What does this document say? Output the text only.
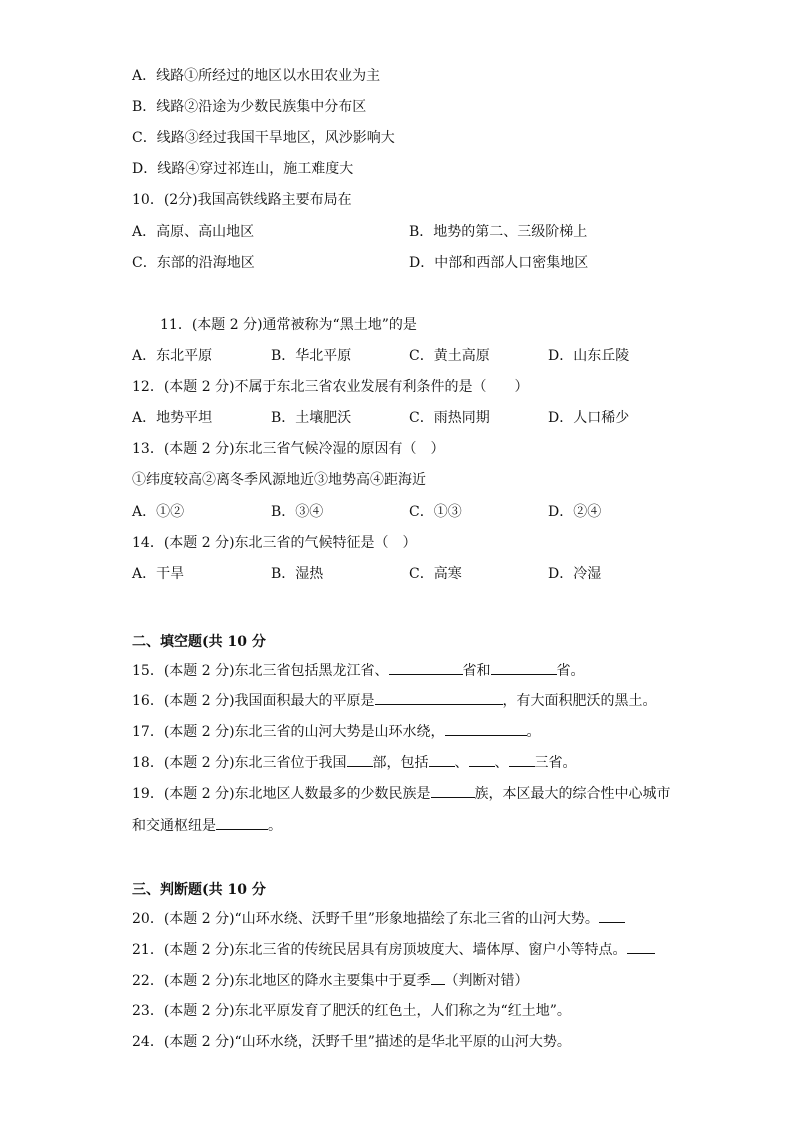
A．线路①所经过的地区以水田农业为主
B．线路②沿途为少数民族集中分布区
C．线路③经过我国干旱地区，风沙影响大
D．线路④穿过祁连山，施工难度大
10．(2分)我国高铁线路主要布局在
A．高原、高山地区	B．地势的第二、三级阶梯上
C．东部的沿海地区	D．中部和西部人口密集地区
11．(本题 2 分)通常被称为“黑土地”的是
A．东北平原	B．华北平原	C．黄土高原	D．山东丘陵
12．(本题 2 分)不属于东北三省农业发展有利条件的是（　　）
A．地势平坦	B．土壤肥沃	C．雨热同期	D．人口稀少
13．(本题 2 分)东北三省气候冷湿的原因有（　）
①纬度较高②离冬季风源地近③地势高④距海近
A．①②	B．③④	C．①③	D．②④
14．(本题 2 分)东北三省的气候特征是（　）
A．干旱	B．湿热	C．高寒	D．冷湿
二、填空题(共 10 分
15．(本题 2 分)东北三省包括黑龙江省、	省和	省。
16．(本题 2 分)我国面积最大的平原是	，有大面积肥沃的黑土。
17．(本题 2 分)东北三省的山河大势是山环水绕，	。
18．(本题 2 分)东北三省位于我国 部，包括 、 、 三省。
19．(本题 2 分)东北地区人数最多的少数民族是	族，本区最大的综合性中心城市
和交通枢纽是	。
三、判断题(共 10 分
20．(本题 2 分)“山环水绕、沃野千里”形象地描绘了东北三省的山河大势。
21．(本题 2 分)东北三省的传统民居具有房顶坡度大、墙体厚、窗户小等特点。
22．(本题 2 分)东北地区的降水主要集中于夏季 （判断对错）
23．(本题 2 分)东北平原发育了肥沃的红色土，人们称之为“红土地”。
24．(本题 2 分)“山环水绕，沃野千里”描述的是华北平原的山河大势。
